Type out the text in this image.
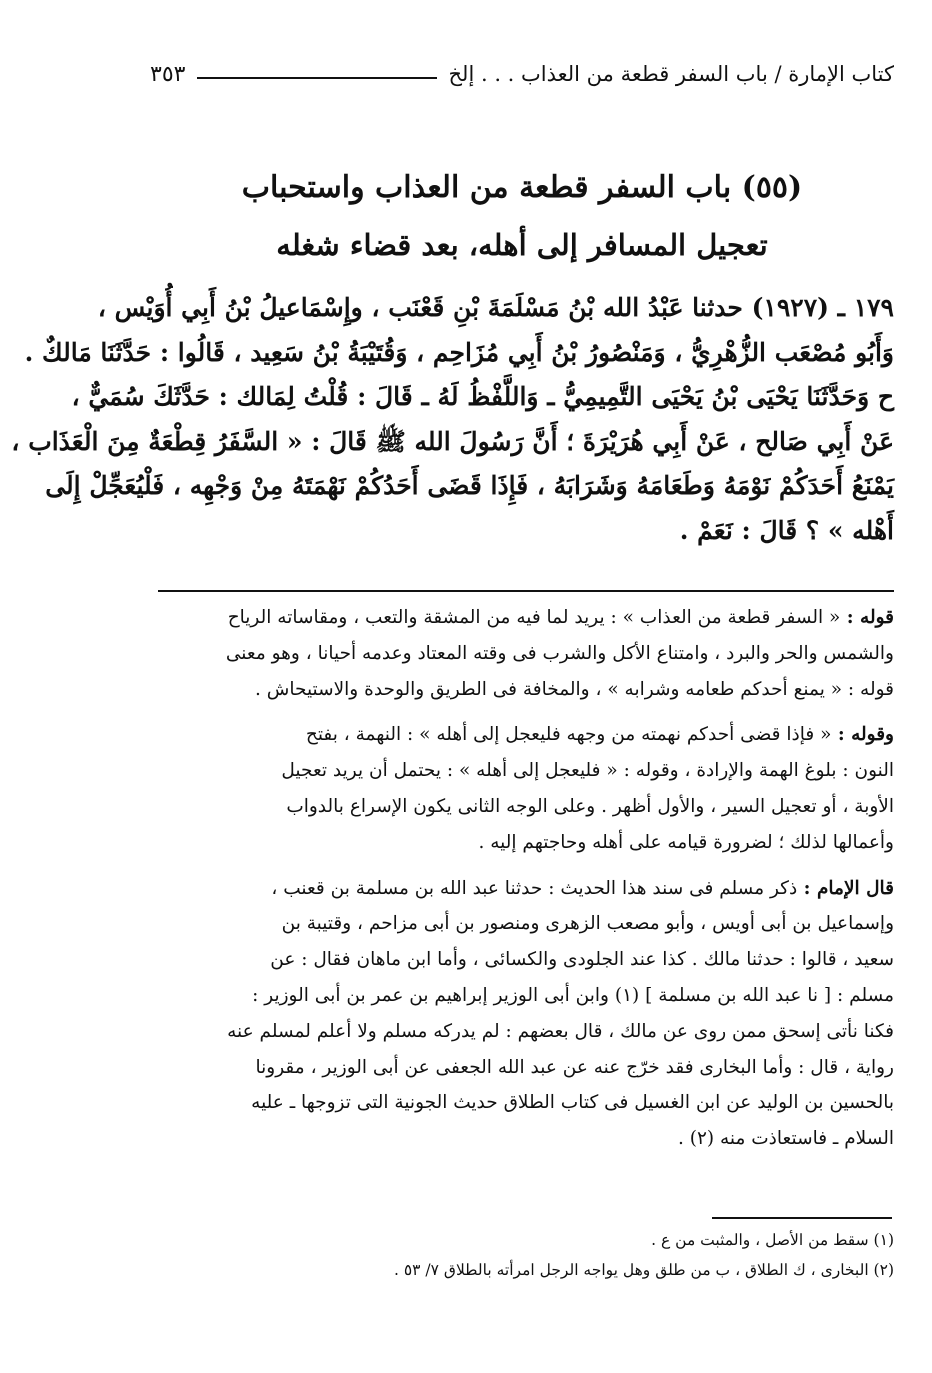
كتاب الإمارة / باب السفر قطعة من العذاب . . . إلخ
٣٥٣
(٥٥) باب السفر قطعة من العذاب واستحباب
تعجيل المسافر إلى أهله، بعد قضاء شغله
١٧٩ ـ (١٩٢٧) حدثنا عَبْدُ الله بْنُ مَسْلَمَةَ بْنِ قَعْنَب ، وإِسْمَاعيلُ بْنُ أَبِي أُوَيْس ،
وَأَبُو مُصْعَب الزُّهْرِيُّ ، وَمَنْصُورُ بْنُ أَبِي مُزَاحِم ، وَقُتَيْبَةُ بْنُ سَعِيد ، قَالُوا : حَدَّثَنَا مَالكٌ .
ح وَحَدَّثَنَا يَحْيَى بْنُ يَحْيَى التَّمِيمِيُّ ـ وَاللَّفْظُ لَهُ ـ قَالَ : قُلْتُ لِمَالك : حَدَّثَكَ سُمَيٌّ ،
عَنْ أَبِي صَالح ، عَنْ أَبِي هُرَيْرَةَ ؛ أَنَّ رَسُولَ الله ﷺ قَالَ : « السَّفَرُ قِطْعَةٌ مِنَ الْعَذَاب ،
يَمْنَعُ أَحَدَكُمْ نَوْمَهُ وَطَعَامَهُ وَشَرَابَهُ ، فَإِذَا قَضَى أَحَدُكُمْ نَهْمَتَهُ مِنْ وَجْهِه ، فَلْيُعَجِّلْ إِلَى
أَهْله » ؟ قَالَ : نَعَمْ .
قوله : « السفر قطعة من العذاب » : يريد لما فيه من المشقة والتعب ، ومقاساته الرياح
والشمس والحر والبرد ، وامتناع الأكل والشرب فى وقته المعتاد وعدمه أحيانا ، وهو معنى
قوله : « يمنع أحدكم طعامه وشرابه » ، والمخافة فى الطريق والوحدة والاستيحاش .
وقوله : « فإذا قضى أحدكم نهمته من وجهه فليعجل إلى أهله » : النهمة ، بفتح
النون : بلوغ الهمة والإرادة ، وقوله : « فليعجل إلى أهله » : يحتمل أن يريد تعجيل
الأوبة ، أو تعجيل السير ، والأول أظهر . وعلى الوجه الثانى يكون الإسراع بالدواب
وأعمالها لذلك ؛ لضرورة قيامه على أهله وحاجتهم إليه .
قال الإمام : ذكر مسلم فى سند هذا الحديث : حدثنا عبد الله بن مسلمة بن قعنب ،
وإسماعيل بن أبى أويس ، وأبو مصعب الزهرى ومنصور بن أبى مزاحم ، وقتيبة بن
سعيد ، قالوا : حدثنا مالك . كذا عند الجلودى والكسائى ، وأما ابن ماهان فقال : عن
مسلم : [ نا عبد الله بن مسلمة ] (١) وابن أبى الوزير إبراهيم بن عمر بن أبى الوزير :
فكنا نأتى إسحق ممن روى عن مالك ، قال بعضهم : لم يدركه مسلم ولا أعلم لمسلم عنه
رواية ، قال : وأما البخارى فقد خرّج عنه عن عبد الله الجعفى عن أبى الوزير ، مقرونا
بالحسين بن الوليد عن ابن الغسيل فى كتاب الطلاق حديث الجونية التى تزوجها ـ عليه
السلام ـ فاستعاذت منه (٢) .
(١) سقط من الأصل ، والمثبت من ع .
(٢) البخارى ، ك الطلاق ، ب من طلق وهل يواجه الرجل امرأته بالطلاق ٧/ ٥٣ .
